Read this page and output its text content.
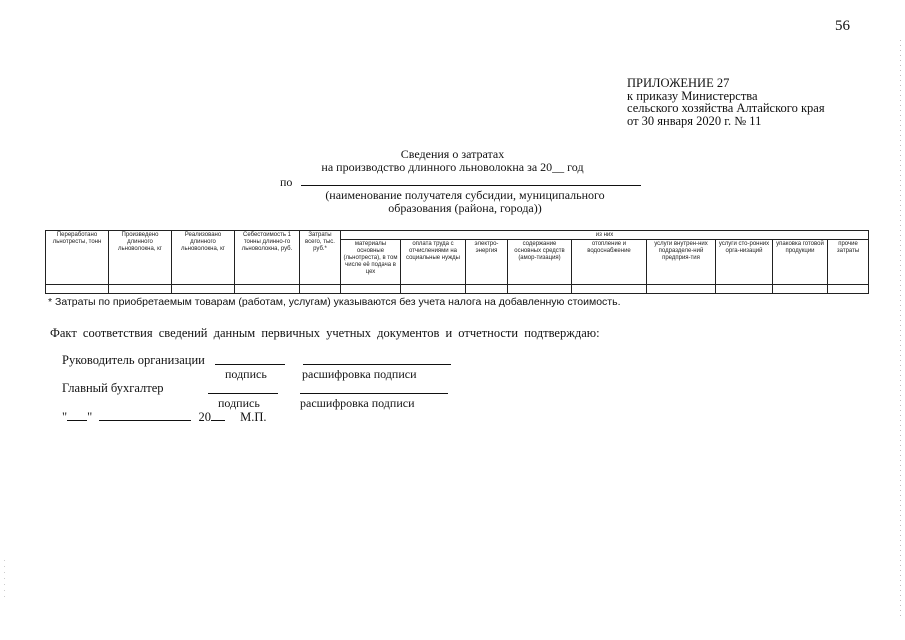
56
ПРИЛОЖЕНИЕ 27
к приказу Министерства
сельского хозяйства Алтайского края
от 30 января 2020 г. № 11
Сведения о затратах
на производство длинного льноволокна за 20__ год
по
(наименование получателя субсидии, муниципального
образования (района, города))
Переработано льнотресты, тонн	Произведено длинного льноволокна, кг	Реализовано длинного льноволокна, кг	Себестоимость 1 тонны длинно-го льноволокна, руб.	Затраты всего, тыс. руб.*	из них								
					материалы основные (льнотреста), в том числе её подача в цех	оплата труда с отчислениями на социальные нужды	электро-энергия	содержание основных средств (амор-тизация)	отопление и водоснабжение	услуги внутрен-них подразделе-ний предприя-тия	услуги сто-ронних орга-низаций	упаковка готовой продукции	прочие затраты

* Затраты по приобретаемым товарам (работам, услугам) указываются без учета налога на добавленную стоимость.
Факт соответствия сведений данным первичных учетных документов и отчетности подтверждаю:
Руководитель организации
подпись	расшифровка подписи
Главный бухгалтер
подпись	расшифровка подписи
" "	20 М.П.
